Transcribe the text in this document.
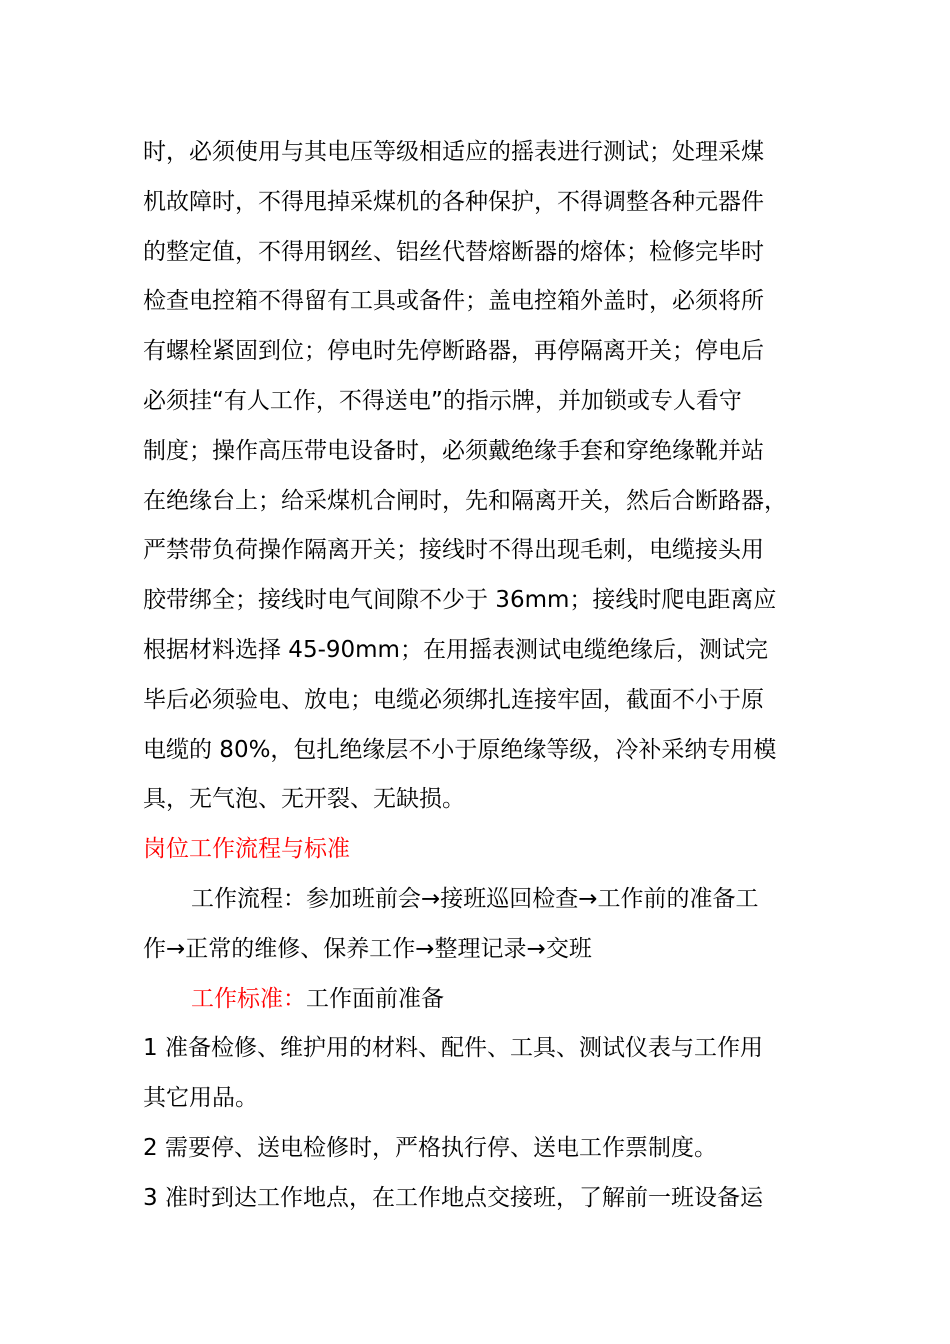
时，必须使用与其电压等级相适应的摇表进行测试；处理采煤
机故障时，不得甩掉采煤机的各种保护，不得调整各种元器件
的整定值，不得用钢丝、铝丝代替熔断器的熔体；检修完毕时
检查电控箱不得留有工具或备件；盖电控箱外盖时，必须将所
有螺栓紧固到位；停电时先停断路器，再停隔离开关；停电后
必须挂“有人工作，不得送电”的指示牌，并加锁或专人看守
制度；操作高压带电设备时，必须戴绝缘手套和穿绝缘靴并站
在绝缘台上；给采煤机合闸时，先和隔离开关，然后合断路器，
严禁带负荷操作隔离开关；接线时不得出现毛刺，电缆接头用
胶带绑全；接线时电气间隙不少于 36mm；接线时爬电距离应
根据材料选择 45-90mm；在用摇表测试电缆绝缘后，测试完
毕后必须验电、放电；电缆必须绑扎连接牢固，截面不小于原
电缆的 80%，包扎绝缘层不小于原绝缘等级，冷补采纳专用模
具，无气泡、无开裂、无缺损。
岗位工作流程与标准
工作流程：参加班前会→接班巡回检查→工作前的准备工
作→正常的维修、保养工作→整理记录→交班
工作标准：工作面前准备
1 准备检修、维护用的材料、配件、工具、测试仪表与工作用
其它用品。
2 需要停、送电检修时，严格执行停、送电工作票制度。
3 准时到达工作地点，在工作地点交接班，了解前一班设备运
